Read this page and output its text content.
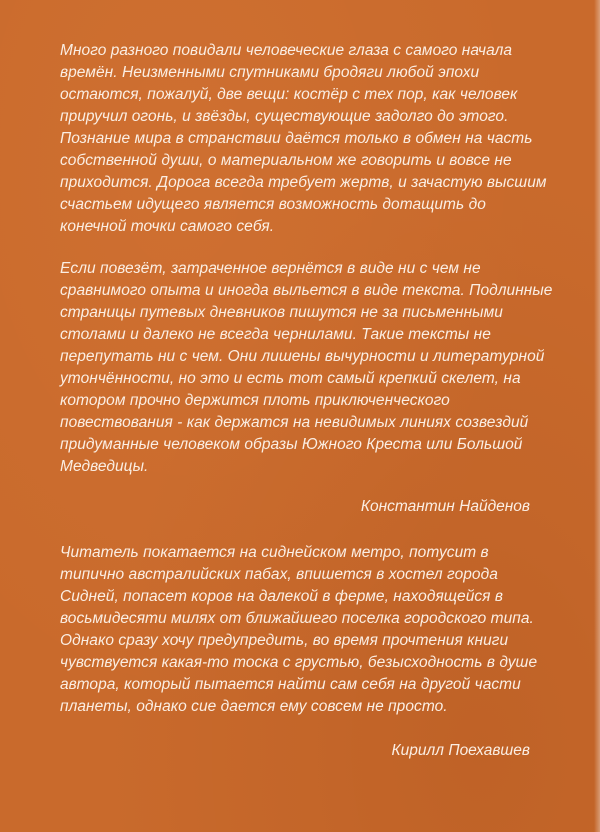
Много разного повидали человеческие глаза с самого начала
времён. Неизменными спутниками бродяги любой эпохи
остаются, пожалуй, две вещи: костёр с тех пор, как человек
приручил огонь, и звёзды, существующие задолго до этого.
Познание мира в странствии даётся только в обмен на часть
собственной души, о материальном же говорить и вовсе не
приходится. Дорога всегда требует жертв, и зачастую высшим
счастьем идущего является возможность дотащить до
конечной точки самого себя.
Если повезёт, затраченное вернётся в виде ни с чем не
сравнимого опыта и иногда выльется в виде текста. Подлинные
страницы путевых дневников пишутся не за письменными
столами и далеко не всегда чернилами. Такие тексты не
перепутать ни с чем. Они лишены вычурности и литературной
утончённости, но это и есть тот самый крепкий скелет, на
котором прочно держится плоть приключенческого
повествования - как держатся на невидимых линиях созвездий
придуманные человеком образы Южного Креста или Большой
Медведицы.

Константин Найденов

Читатель покатается на сиднейском метро, потусит в
типично австралийских пабах, впишется в хостел города
Сидней, попасет коров на далекой в ферме, находящейся в
восьмидесяти милях от ближайшего поселка городского типа.
Однако сразу хочу предупредить, во время прочтения книги
чувствуется какая-то тоска с грустью, безысходность в душе
автора, который пытается найти сам себя на другой части
планеты, однако сие дается ему совсем не просто.

Кирилл Поехавшев
